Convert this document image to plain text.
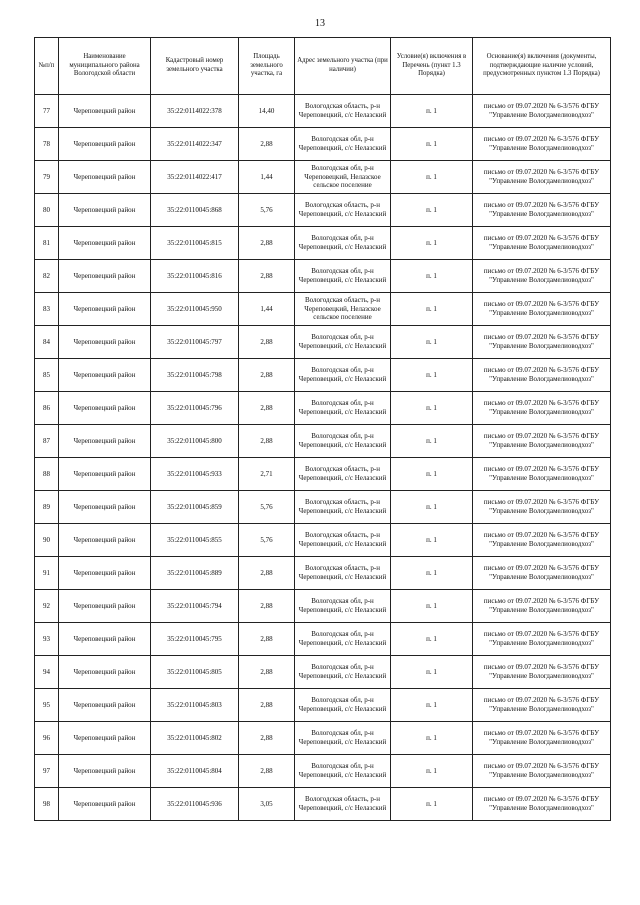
13
№п/п	Наименование муниципального района Вологодской области	Кадастровый номер земельного участка	Площадь земельного участка, га	Адрес земельного участка (при наличии)	Условие(я) включения в Перечень (пункт 1.3 Порядка)	Основание(я) включения (документы, подтверждающие наличие условий, предусмотренных пунктом 1.3 Порядка)
77	Череповецкий район	35:22:0114022:378	14,40	Вологодская область, р-н Череповецкий, с/с Нелазский	п. 1	письмо от 09.07.2020 № 6-3/576 ФГБУ "Управление Вологдамелиоводхоз"
78	Череповецкий район	35:22:0114022:347	2,88	Вологодская обл, р-н Череповецкий, с/с Нелазский	п. 1	письмо от 09.07.2020 № 6-3/576 ФГБУ "Управление Вологдамелиоводхоз"
79	Череповецкий район	35:22:0114022:417	1,44	Вологодская обл, р-н Череповецкий, Нелазское сельское поселение	п. 1	письмо от 09.07.2020 № 6-3/576 ФГБУ "Управление Вологдамелиоводхоз"
80	Череповецкий район	35:22:0110045:868	5,76	Вологодская область, р-н Череповецкий, с/с Нелазский	п. 1	письмо от 09.07.2020 № 6-3/576 ФГБУ "Управление Вологдамелиоводхоз"
81	Череповецкий район	35:22:0110045:815	2,88	Вологодская обл, р-н Череповецкий, с/с Нелазский	п. 1	письмо от 09.07.2020 № 6-3/576 ФГБУ "Управление Вологдамелиоводхоз"
82	Череповецкий район	35:22:0110045:816	2,88	Вологодская обл, р-н Череповецкий, с/с Нелазский	п. 1	письмо от 09.07.2020 № 6-3/576 ФГБУ "Управление Вологдамелиоводхоз"
83	Череповецкий район	35:22:0110045:950	1,44	Вологодская область, р-н Череповецкий, Нелазское сельское поселение	п. 1	письмо от 09.07.2020 № 6-3/576 ФГБУ "Управление Вологдамелиоводхоз"
84	Череповецкий район	35:22:0110045:797	2,88	Вологодская обл, р-н Череповецкий, с/с Нелазский	п. 1	письмо от 09.07.2020 № 6-3/576 ФГБУ "Управление Вологдамелиоводхоз"
85	Череповецкий район	35:22:0110045:798	2,88	Вологодская обл, р-н Череповецкий, с/с Нелазский	п. 1	письмо от 09.07.2020 № 6-3/576 ФГБУ "Управление Вологдамелиоводхоз"
86	Череповецкий район	35:22:0110045:796	2,88	Вологодская обл, р-н Череповецкий, с/с Нелазский	п. 1	письмо от 09.07.2020 № 6-3/576 ФГБУ "Управление Вологдамелиоводхоз"
87	Череповецкий район	35:22:0110045:800	2,88	Вологодская обл, р-н Череповецкий, с/с Нелазский	п. 1	письмо от 09.07.2020 № 6-3/576 ФГБУ "Управление Вологдамелиоводхоз"
88	Череповецкий район	35:22:0110045:933	2,71	Вологодская область, р-н Череповецкий, с/с Нелазский	п. 1	письмо от 09.07.2020 № 6-3/576 ФГБУ "Управление Вологдамелиоводхоз"
89	Череповецкий район	35:22:0110045:859	5,76	Вологодская область, р-н Череповецкий, с/с Нелазский	п. 1	письмо от 09.07.2020 № 6-3/576 ФГБУ "Управление Вологдамелиоводхоз"
90	Череповецкий район	35:22:0110045:855	5,76	Вологодская область, р-н Череповецкий, с/с Нелазский	п. 1	письмо от 09.07.2020 № 6-3/576 ФГБУ "Управление Вологдамелиоводхоз"
91	Череповецкий район	35:22:0110045:889	2,88	Вологодская область, р-н Череповецкий, с/с Нелазский	п. 1	письмо от 09.07.2020 № 6-3/576 ФГБУ "Управление Вологдамелиоводхоз"
92	Череповецкий район	35:22:0110045:794	2,88	Вологодская обл, р-н Череповецкий, с/с Нелазский	п. 1	письмо от 09.07.2020 № 6-3/576 ФГБУ "Управление Вологдамелиоводхоз"
93	Череповецкий район	35:22:0110045:795	2,88	Вологодская обл, р-н Череповецкий, с/с Нелазский	п. 1	письмо от 09.07.2020 № 6-3/576 ФГБУ "Управление Вологдамелиоводхоз"
94	Череповецкий район	35:22:0110045:805	2,88	Вологодская обл, р-н Череповецкий, с/с Нелазский	п. 1	письмо от 09.07.2020 № 6-3/576 ФГБУ "Управление Вологдамелиоводхоз"
95	Череповецкий район	35:22:0110045:803	2,88	Вологодская обл, р-н Череповецкий, с/с Нелазский	п. 1	письмо от 09.07.2020 № 6-3/576 ФГБУ "Управление Вологдамелиоводхоз"
96	Череповецкий район	35:22:0110045:802	2,88	Вологодская обл, р-н Череповецкий, с/с Нелазский	п. 1	письмо от 09.07.2020 № 6-3/576 ФГБУ "Управление Вологдамелиоводхоз"
97	Череповецкий район	35:22:0110045:804	2,88	Вологодская обл, р-н Череповецкий, с/с Нелазский	п. 1	письмо от 09.07.2020 № 6-3/576 ФГБУ "Управление Вологдамелиоводхоз"
98	Череповецкий район	35:22:0110045:936	3,05	Вологодская область, р-н Череповецкий, с/с Нелазский	п. 1	письмо от 09.07.2020 № 6-3/576 ФГБУ "Управление Вологдамелиоводхоз"
